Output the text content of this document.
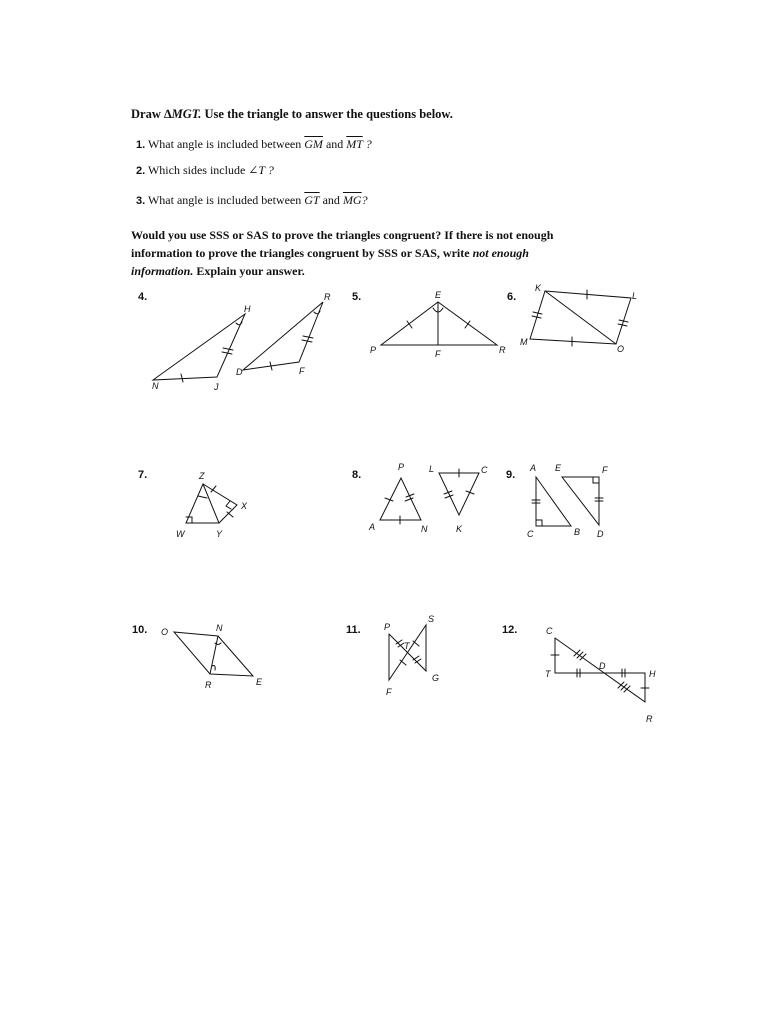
Draw ∆MGT. Use the triangle to answer the questions below.
1. What angle is included between $\overline{GM}$ and $\overline{MT}$ ?
2. Which sides include ∠T ?
3. What angle is included between $\overline{GT}$ and $\overline{MG}$?
Would you use SSS or SAS to prove the triangles congruent? If there is not enough information to prove the triangles congruent by SSS or SAS, write not enough information. Explain your answer.
4.	5.	6.
7.	8.	9.
10.	11.	12.
H
N	J
R
D	F
E
P	F	R
K
L
M
O
Z
X
W	Y
P	L	C
A	N	K
A E	F
C	B D
O	N
R	E
P
S
T
G
F
C
T
D
H
R
